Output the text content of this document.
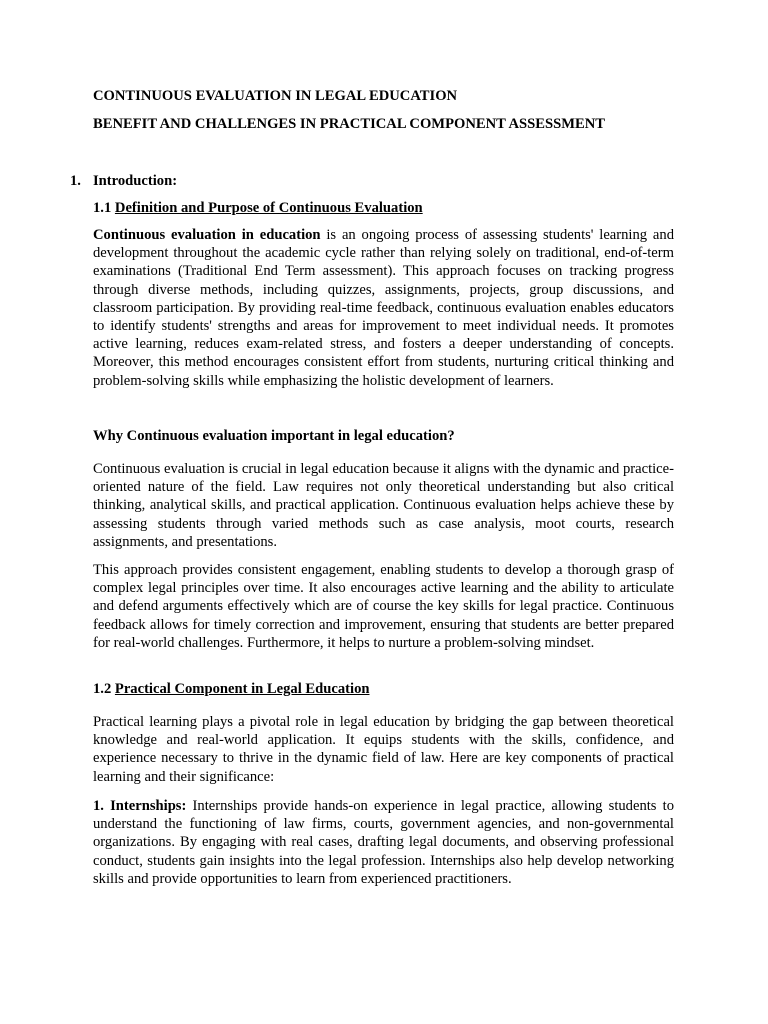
CONTINUOUS EVALUATION IN LEGAL EDUCATION

BENEFIT AND CHALLENGES IN PRACTICAL COMPONENT ASSESSMENT

1. Introduction:

1.1 Definition and Purpose of Continuous Evaluation

Continuous evaluation in education is an ongoing process of assessing students' learning and development throughout the academic cycle rather than relying solely on traditional, end-of-term examinations (Traditional End Term assessment). This approach focuses on tracking progress through diverse methods, including quizzes, assignments, projects, group discussions, and classroom participation. By providing real-time feedback, continuous evaluation enables educators to identify students' strengths and areas for improvement to meet individual needs. It promotes active learning, reduces exam-related stress, and fosters a deeper understanding of concepts. Moreover, this method encourages consistent effort from students, nurturing critical thinking and problem-solving skills while emphasizing the holistic development of learners.

Why Continuous evaluation important in legal education?

Continuous evaluation is crucial in legal education because it aligns with the dynamic and practice-oriented nature of the field. Law requires not only theoretical understanding but also critical thinking, analytical skills, and practical application. Continuous evaluation helps achieve these by assessing students through varied methods such as case analysis, moot courts, research assignments, and presentations.

This approach provides consistent engagement, enabling students to develop a thorough grasp of complex legal principles over time. It also encourages active learning and the ability to articulate and defend arguments effectively which are of course the key skills for legal practice. Continuous feedback allows for timely correction and improvement, ensuring that students are better prepared for real-world challenges. Furthermore, it helps to nurture a problem-solving mindset.

1.2 Practical Component in Legal Education

Practical learning plays a pivotal role in legal education by bridging the gap between theoretical knowledge and real-world application. It equips students with the skills, confidence, and experience necessary to thrive in the dynamic field of law. Here are key components of practical learning and their significance:

1. Internships: Internships provide hands-on experience in legal practice, allowing students to understand the functioning of law firms, courts, government agencies, and non-governmental organizations. By engaging with real cases, drafting legal documents, and observing professional conduct, students gain insights into the legal profession. Internships also help develop networking skills and provide opportunities to learn from experienced practitioners.
